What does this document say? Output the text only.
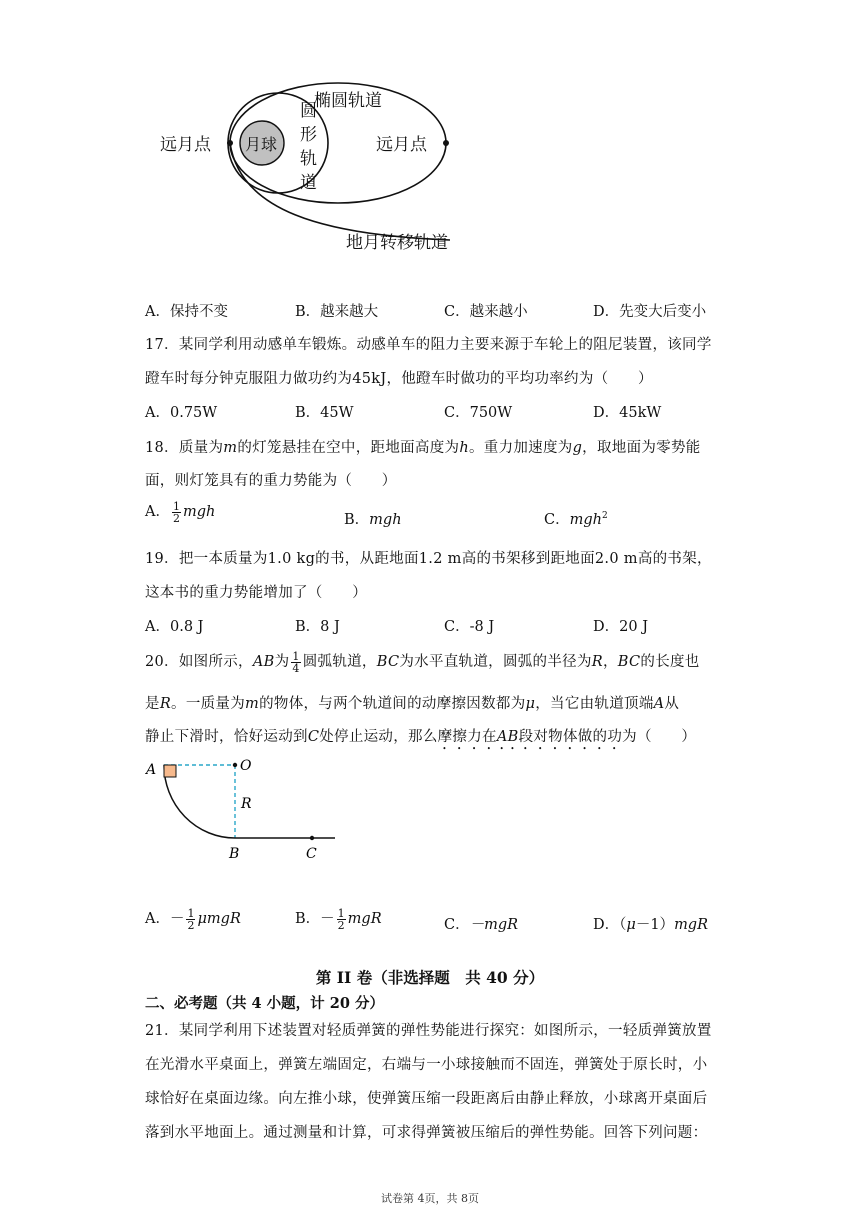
椭圆轨道
远月点 月球
圆
形
轨
道
远月点
地月转移轨道
A．保持不变	B．越来越大	C．越来越小	D．先变大后变小
17．某同学利用动感单车锻炼。动感单车的阻力主要来源于车轮上的阻尼装置，该同学
蹬车时每分钟克服阻力做功约为45kJ，他蹬车时做功的平均功率约为（　　）
A．0.75W	B．45W	C．750W	D．45kW
18．质量为m的灯笼悬挂在空中，距地面高度为h。重力加速度为g，取地面为零势能
面，则灯笼具有的重力势能为（　　）
A． $\frac{1}{2}$ mgh	B．mgh	C．mgh$^2$
19．把一本质量为1.0 kg的书，从距地面1.2 m高的书架移到距地面2.0 m高的书架，
这本书的重力势能增加了（　　）
A．0.8 J	B．8 J	C．-8 J	D．20 J
20．如图所示，AB为 $\frac{1}{4}$ 圆弧轨道，BC为水平直轨道，圆弧的半径为R，BC的长度也
是R。一质量为m的物体，与两个轨道间的动摩擦因数都为μ，当它由轨道顶端A从
静止下滑时，恰好运动到C处停止运动，那么摩擦力在AB段对物体做的功为（　　）
A	O
R
B	C
A．－ $\frac{1}{2}$ μmgR	B．－ $\frac{1}{2}$ mgR	C．－mgR	D．（μ－1）mgR
第 II 卷（非选择题　共 40 分）
二、必考题（共 4 小题，计 20 分）
21．某同学利用下述装置对轻质弹簧的弹性势能进行探究：如图所示，一轻质弹簧放置
在光滑水平桌面上，弹簧左端固定，右端与一小球接触而不固连，弹簧处于原长时，小
球恰好在桌面边缘。向左推小球，使弹簧压缩一段距离后由静止释放，小球离开桌面后
落到水平地面上。通过测量和计算，可求得弹簧被压缩后的弹性势能。回答下列问题：
试卷第 4页，共 8页
